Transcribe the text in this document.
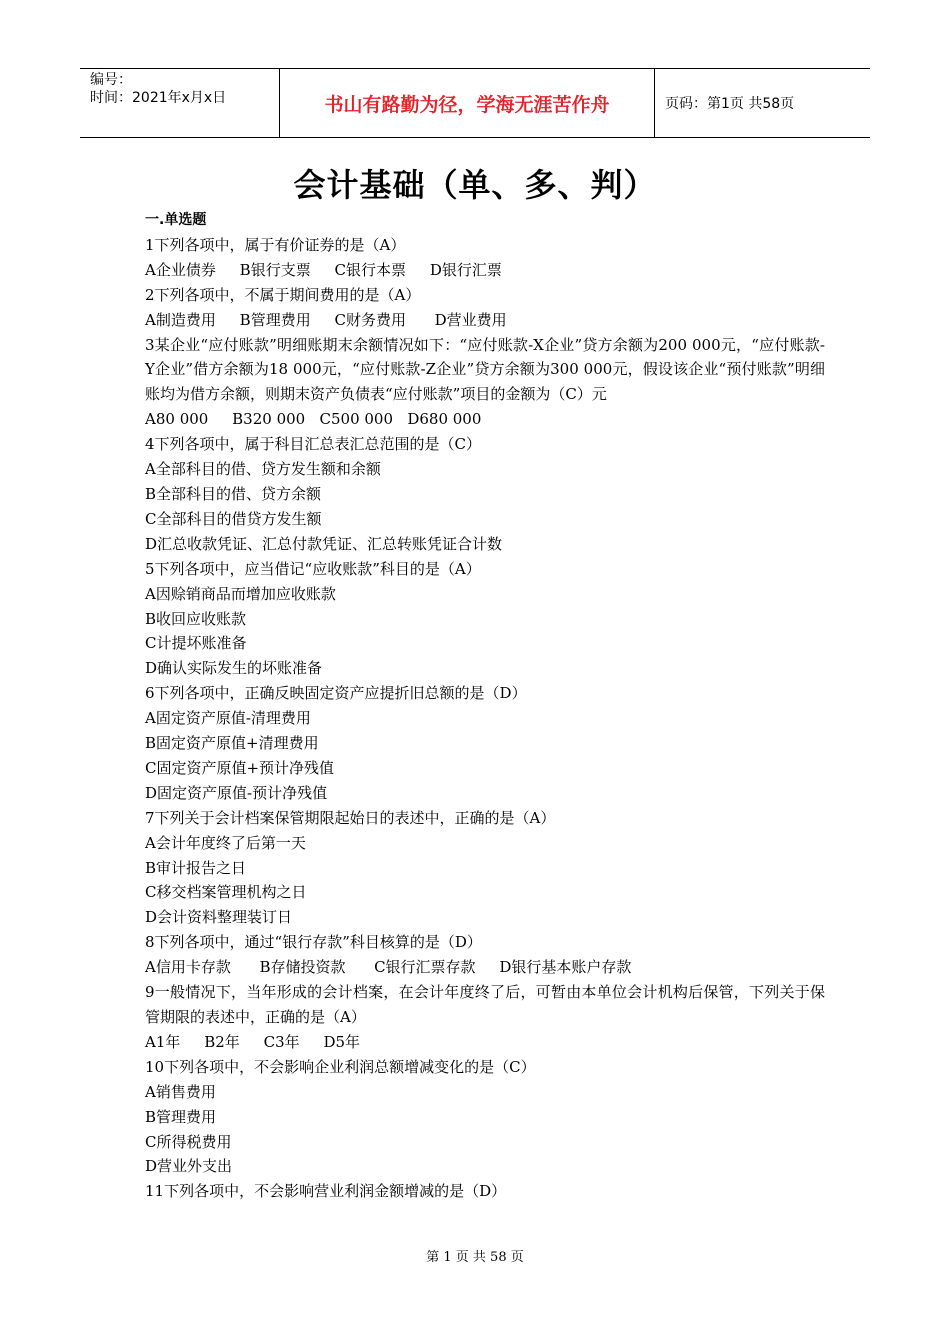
编号：
时间：2021年x月x日	书山有路勤为径，学海无涯苦作舟	页码：第1页 共58页
会计基础（单、多、判）
一.单选题
1下列各项中，属于有价证券的是（A）
A企业债券     B银行支票     C银行本票     D银行汇票
2下列各项中，不属于期间费用的是（A）
A制造费用     B管理费用     C财务费用      D营业费用
3某企业“应付账款”明细账期末余额情况如下：“应付账款-X企业”贷方余额为200 000元，“应付账款-Y企业”借方余额为18 000元，“应付账款-Z企业”贷方余额为300 000元，假设该企业“预付账款”明细账均为借方余额，则期末资产负债表“应付账款”项目的金额为（C）元
A80 000     B320 000   C500 000   D680 000
4下列各项中，属于科目汇总表汇总范围的是（C）
A全部科目的借、贷方发生额和余额
B全部科目的借、贷方余额
C全部科目的借贷方发生额
D汇总收款凭证、汇总付款凭证、汇总转账凭证合计数
5下列各项中，应当借记“应收账款”科目的是（A）
A因赊销商品而增加应收账款
B收回应收账款
C计提坏账准备
D确认实际发生的坏账准备
6下列各项中，正确反映固定资产应提折旧总额的是（D）
A固定资产原值-清理费用
B固定资产原值+清理费用
C固定资产原值+预计净残值
D固定资产原值-预计净残值
7下列关于会计档案保管期限起始日的表述中，正确的是（A）
A会计年度终了后第一天
B审计报告之日
C移交档案管理机构之日
D会计资料整理装订日
8下列各项中，通过“银行存款”科目核算的是（D）
A信用卡存款      B存储投资款      C银行汇票存款     D银行基本账户存款
9一般情况下，当年形成的会计档案，在会计年度终了后，可暂由本单位会计机构后保管，下列关于保管期限的表述中，正确的是（A）
A1年     B2年     C3年     D5年
10下列各项中，不会影响企业利润总额增减变化的是（C）
A销售费用
B管理费用
C所得税费用
D营业外支出
11下列各项中，不会影响营业利润金额增减的是（D）
第 1 页 共 58 页
